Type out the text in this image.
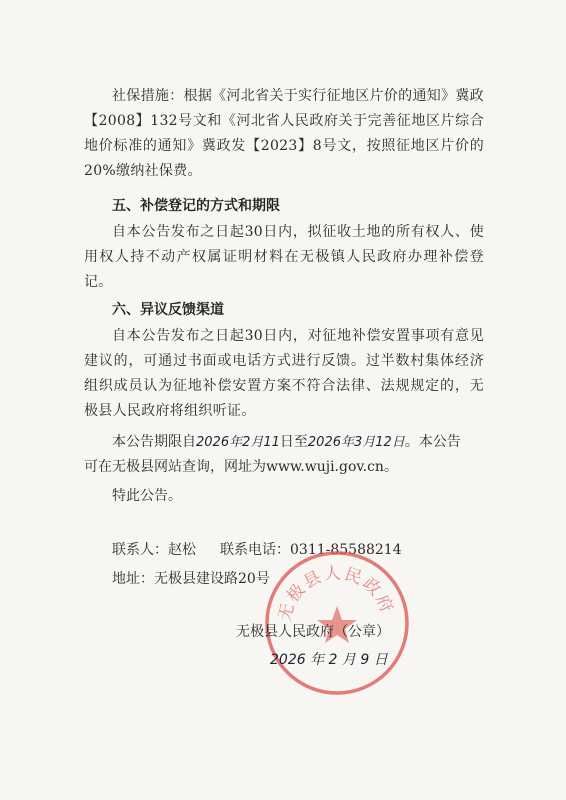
社保措施：根据《河北省关于实行征地区片价的通知》冀政【2008】132号文和《河北省人民政府关于完善征地区片综合地价标准的通知》冀政发【2023】8号文，按照征地区片价的20%缴纳社保费。
五、补偿登记的方式和期限
自本公告发布之日起30日内，拟征收土地的所有权人、使用权人持不动产权属证明材料在无极镇人民政府办理补偿登记。
六、异议反馈渠道
自本公告发布之日起30日内，对征地补偿安置事项有意见建议的，可通过书面或电话方式进行反馈。过半数村集体经济组织成员认为征地补偿安置方案不符合法律、法规规定的，无极县人民政府将组织听证。
本公告期限自2026年2月11日至2026年3月12日。本公告
可在无极县网站查询，网址为www.wuji.gov.cn。
特此公告。
联系人：赵松 联系电话：0311-85588214
地址：无极县建设路20号
无极县人民政府
无极县人民政府（公章）
2026 年 2 月 9 日
